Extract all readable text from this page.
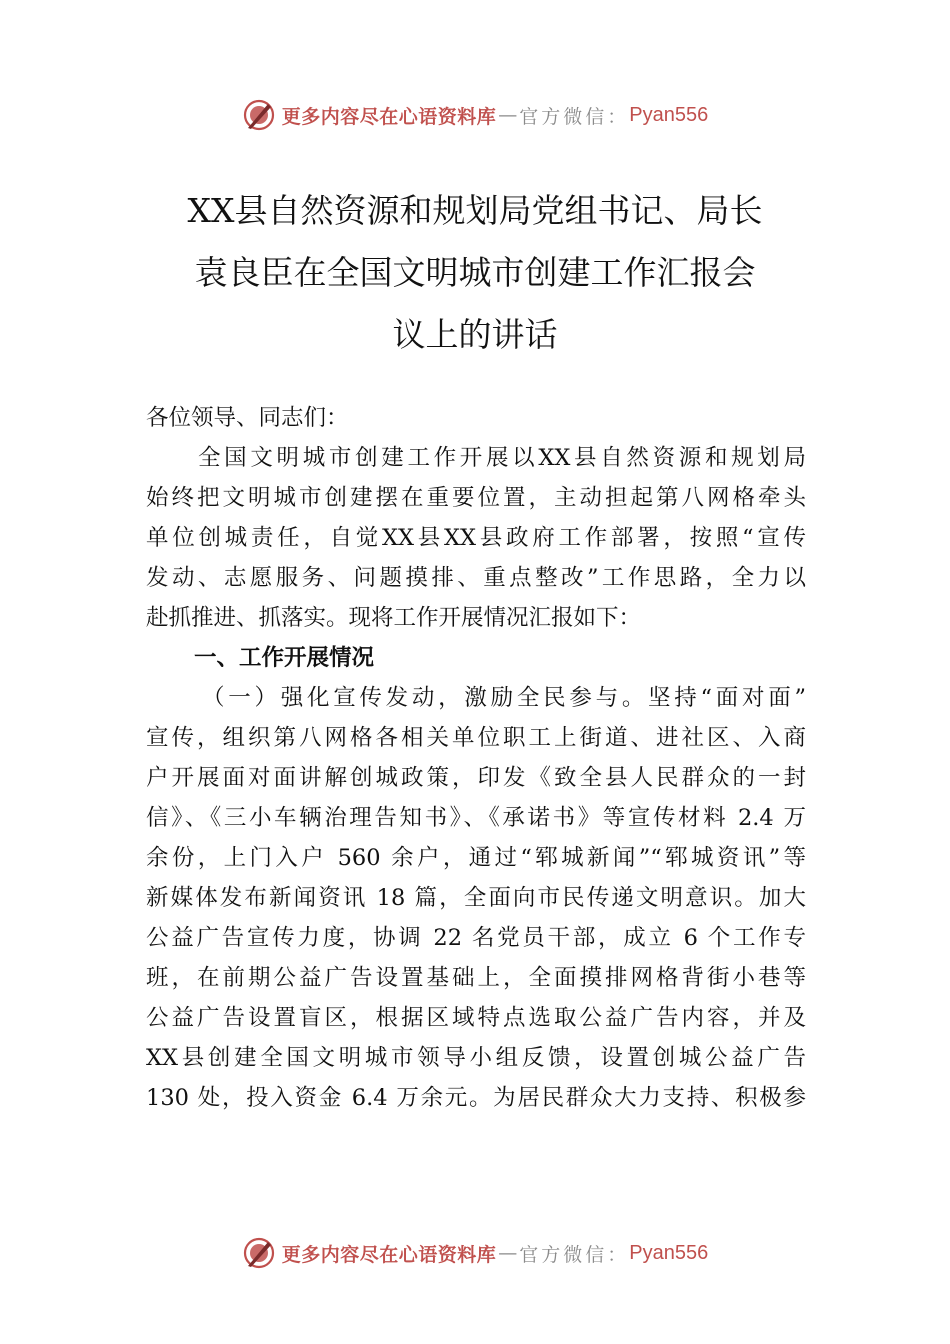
更多内容尽在心语资料库 — 官方微信： Pyan556
XX县自然资源和规划局党组书记、局长
袁良臣在全国文明城市创建工作汇报会
议上的讲话
各位领导、同志们：
全国文明城市创建工作开展以XX县自然资源和规划局
始终把文明城市创建摆在重要位置，主动担起第八网格牵头
单位创城责任，自觉XX县XX县政府工作部署，按照“宣传
发动、志愿服务、问题摸排、重点整改”工作思路，全力以
赴抓推进、抓落实。现将工作开展情况汇报如下：
一、工作开展情况
（一）强化宣传发动，激励全民参与。坚持“面对面”
宣传，组织第八网格各相关单位职工上街道、进社区、入商
户开展面对面讲解创城政策，印发《致全县人民群众的一封
信》、《三小车辆治理告知书》、《承诺书》等宣传材料 2.4 万
余份，上门入户 560 余户，通过“郓城新闻”“郓城资讯”等
新媒体发布新闻资讯 18 篇，全面向市民传递文明意识。加大
公益广告宣传力度，协调 22 名党员干部，成立 6 个工作专
班，在前期公益广告设置基础上，全面摸排网格背街小巷等
公益广告设置盲区，根据区域特点选取公益广告内容，并及
XX县创建全国文明城市领导小组反馈，设置创城公益广告
130 处，投入资金 6.4 万余元。为居民群众大力支持、积极参
更多内容尽在心语资料库 — 官方微信： Pyan556
